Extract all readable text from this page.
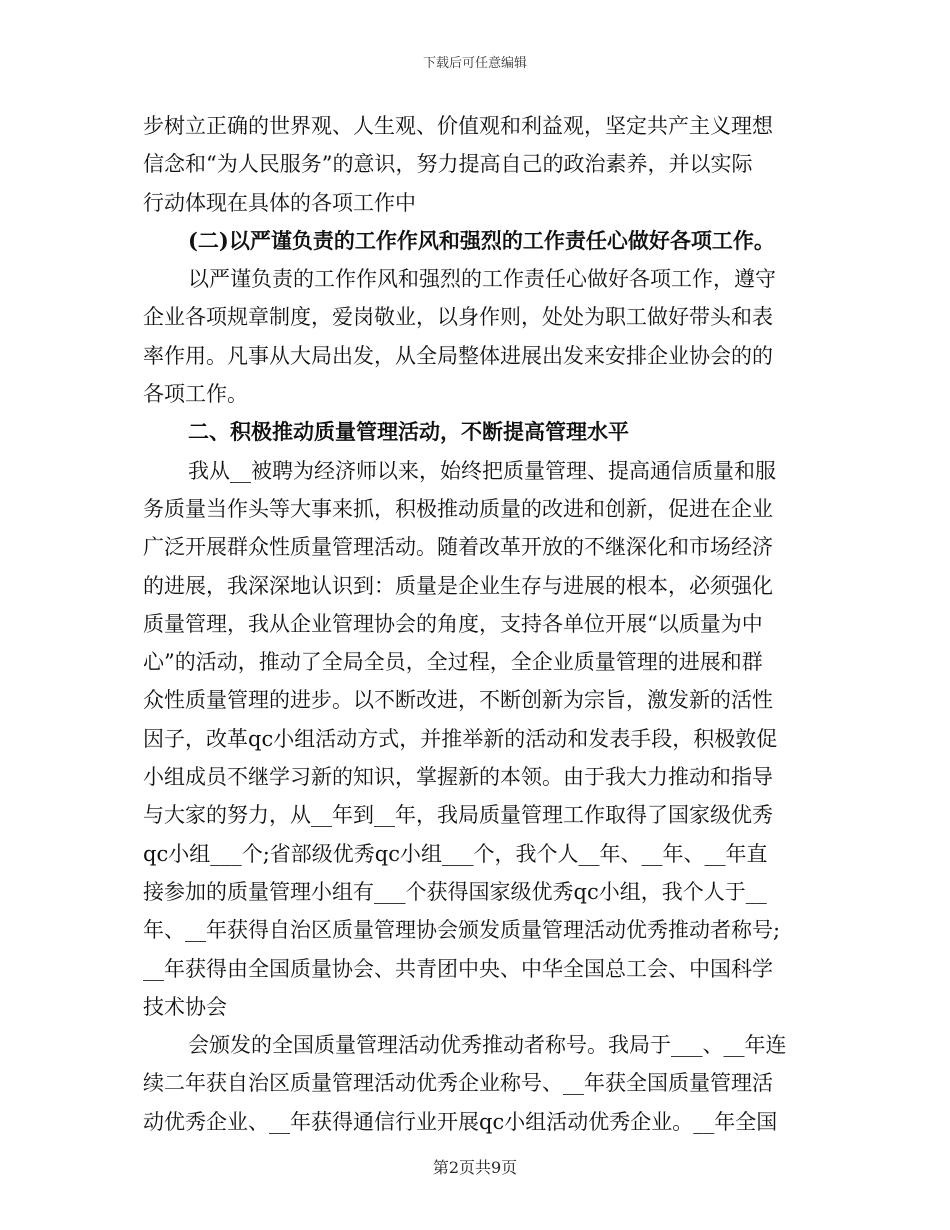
下载后可任意编辑
步树立正确的世界观、人生观、价值观和利益观，坚定共产主义理想
信念和“为人民服务”的意识，努力提高自己的政治素养，并以实际
行动体现在具体的各项工作中
(二)以严谨负责的工作作风和强烈的工作责任心做好各项工作。
以严谨负责的工作作风和强烈的工作责任心做好各项工作，遵守
企业各项规章制度，爱岗敬业，以身作则，处处为职工做好带头和表
率作用。凡事从大局出发，从全局整体进展出发来安排企业协会的的
各项工作。
二、积极推动质量管理活动，不断提高管理水平
我从__被聘为经济师以来，始终把质量管理、提高通信质量和服
务质量当作头等大事来抓，积极推动质量的改进和创新，促进在企业
广泛开展群众性质量管理活动。随着改革开放的不继深化和市场经济
的进展，我深深地认识到：质量是企业生存与进展的根本，必须强化
质量管理，我从企业管理协会的角度，支持各单位开展“以质量为中
心”的活动，推动了全局全员，全过程，全企业质量管理的进展和群
众性质量管理的进步。以不断改进，不断创新为宗旨，激发新的活性
因子，改革qc小组活动方式，并推举新的活动和发表手段，积极敦促
小组成员不继学习新的知识，掌握新的本领。由于我大力推动和指导
与大家的努力，从__年到__年，我局质量管理工作取得了国家级优秀
qc小组___个;省部级优秀qc小组___个，我个人__年、__年、__年直
接参加的质量管理小组有___个获得国家级优秀qc小组，我个人于__
年、__年获得自治区质量管理协会颁发质量管理活动优秀推动者称号;
__年获得由全国质量协会、共青团中央、中华全国总工会、中国科学
技术协会
会颁发的全国质量管理活动优秀推动者称号。我局于___、__年连
续二年获自治区质量管理活动优秀企业称号、__年获全国质量管理活
动优秀企业、__年获得通信行业开展qc小组活动优秀企业。__年全国
第2页共9页
